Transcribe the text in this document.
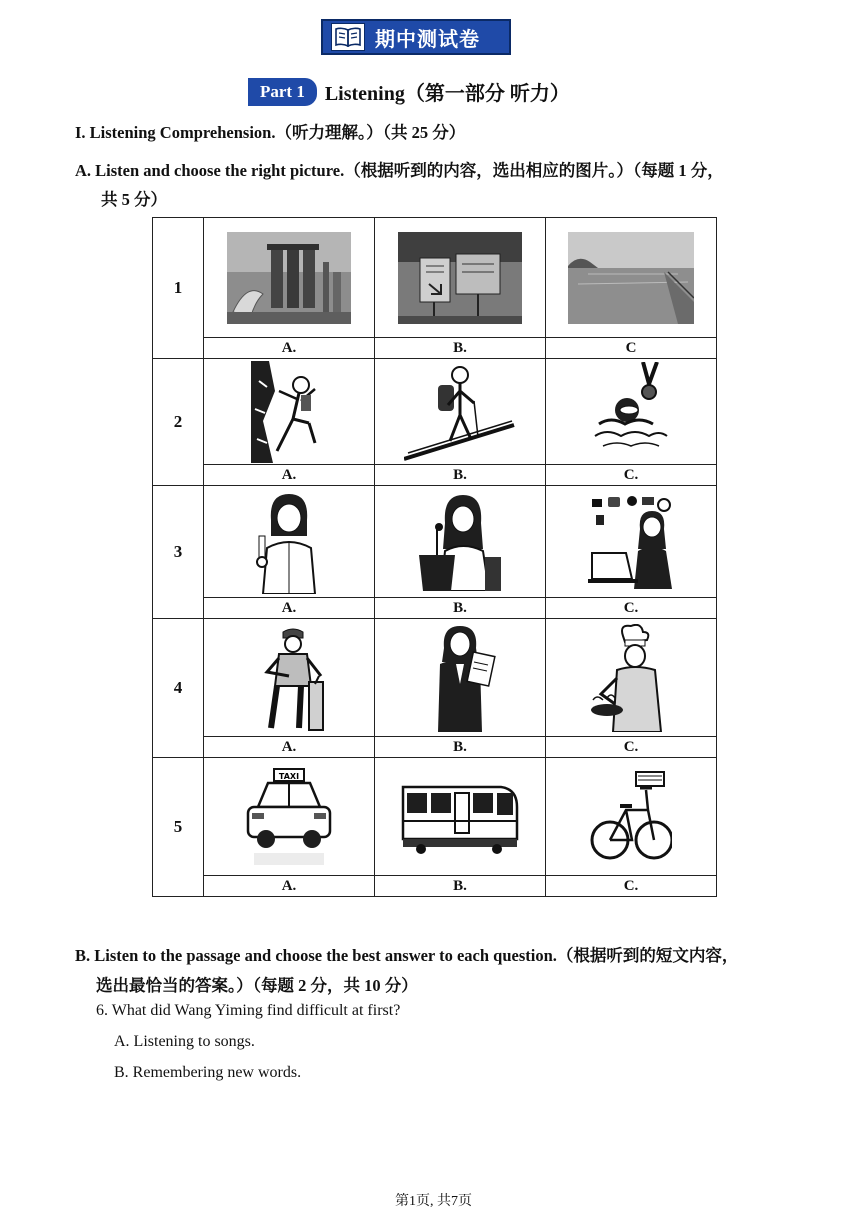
期中测试卷
Part 1	Listening（第一部分 听力）
I. Listening Comprehension.（听力理解。）（共 25 分）
A. Listen and choose the right picture.（根据听到的内容，选出相应的图片。）（每题 1 分，
共 5 分）
1	

	A.	B.	C
2	

	A.	B.	C.
3	

	A.	B.	C.
4	

	A.	B.	C.
5	TAXI

	A.	B.	C.
B. Listen to the passage and choose the best answer to each question.（根据听到的短文内容，
选出最恰当的答案。）（每题 2 分，共 10 分）
6. What did Wang Yiming find difficult at first?
A. Listening to songs.
B. Remembering new words.
第1页, 共7页
